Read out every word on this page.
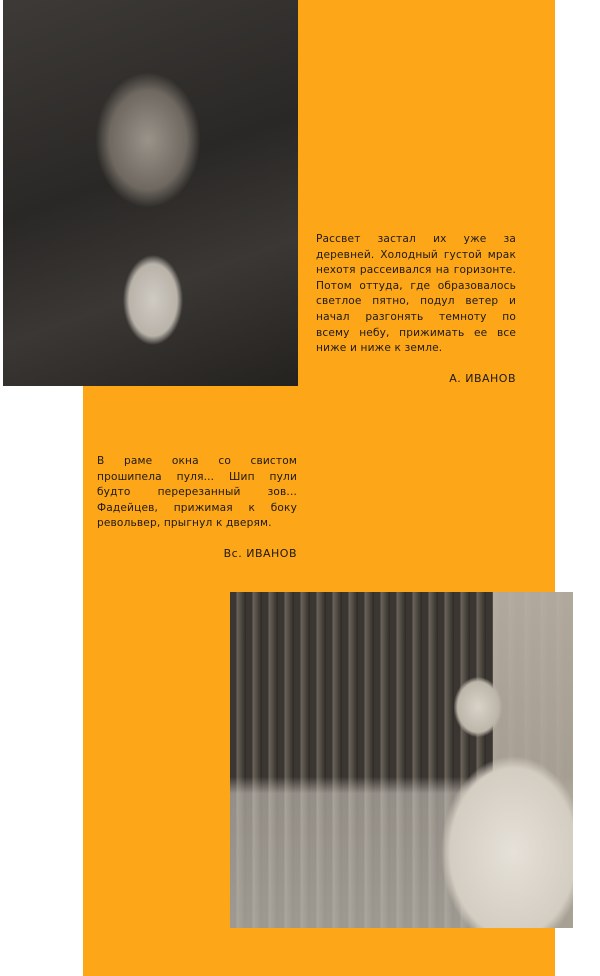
Рассвет застал их уже за деревней. Холодный густой мрак нехотя рассеивался на горизонте. Потом оттуда, где образовалось светлое пятно, подул ветер и начал разгонять темноту по всему небу, прижимать ее все ниже и ниже к земле.

А. ИВАНОВ

В раме окна со свистом прошипела пуля... Шип пули будто перерезанный зов... Фадейцев, прижимая к боку револьвер, прыгнул к дверям.

Вс. ИВАНОВ
